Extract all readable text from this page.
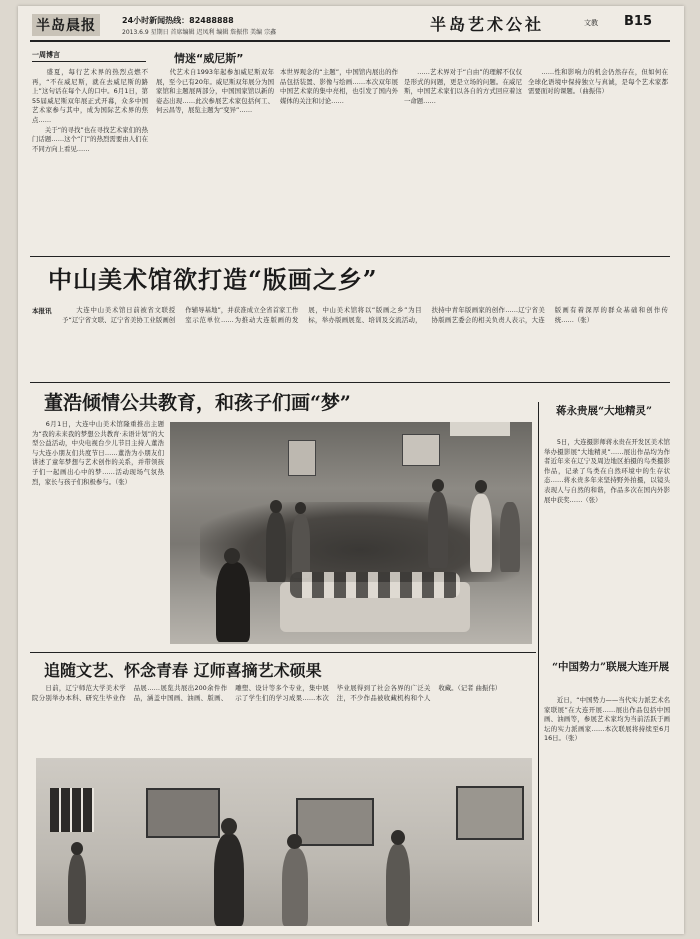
半岛晨报	24小时新闻热线：82488888
2013.6.9 星期日 首席编辑 迟凤利 编辑 詹振伟 美编 宗鑫	半岛艺术公社	文教 B15
一周博言	情迷“威尼斯”
　　盛夏，每行艺术界的热烈点燃不再，“不在威尼斯，就在去威尼斯的路上”这句话在每个人的口中。6月1日，第55届威尼斯双年展正式开幕，众多中国艺术家参与其中，成为国际艺术界的焦点……
　　关于“的寻找”也在寻找艺术家们的热门话题……这个“门”的热烈需要由人们在不同方向上看见……
　　代艺术自1993年起参加威尼斯双年展，至今已有20年。威尼斯双年展分为国家馆和主题展两部分，中国国家馆以新的姿态出现……此次参展艺术家包括何工、何云昌等，展览主题为“变异”……
本世界观念的“主题”，中国馆内展出的作品包括装置、影像与绘画……本次双年展中国艺术家的集中亮相，也引发了国内外媒体的关注和讨论……
　　……艺术界对于“自由”的理解不仅仅是形式的问题，更是立场的问题。在威尼斯，中国艺术家们以各自的方式回应着这一命题……
　　……性和影响力的机会仍然存在，但如何在全球化语境中保持独立与真诚，是每个艺术家都需要面对的课题。（曲振伟）
中山美术馆欲打造“版画之乡”
本报讯 　　大连中山美术馆日前被省文联授予“辽宁省文联、辽宁省美协工业版画创作辅导基地”，并获准成立全省首家工作室示范单位……为推动大连版画的发展，中山美术馆将以“版画之乡”为目标，举办版画展览、培训及交流活动，扶持中青年版画家的创作……辽宁省美协版画艺委会的相关负责人表示，大连版画有着深厚的群众基础和创作传统……（张）
董浩倾情公共教育，和孩子们画“梦”
　　6月1日，大连中山美术馆隆重推出主题为“我的未来我的梦想公共教育·未语计划”的大型公益活动，中央电视台少儿节目主持人董浩与大连小朋友们共度节日……董浩为小朋友们讲述了童年梦想与艺术创作的关系，并带领孩子们一起画出心中的梦……活动现场气氛热烈，家长与孩子们积极参与。（张）
蒋永贵展“大地精灵”
　　5日，大连摄影师蒋永贵在开发区美术馆举办摄影展“大地精灵”……展出作品均为作者近年来在辽宁及周边地区拍摄的鸟类摄影作品，记录了鸟类在自然环境中的生存状态……蒋永贵多年来坚持野外拍摄，以镜头表现人与自然的和谐，作品多次在国内外影展中获奖……（张）
追随文艺、怀念青春 辽师喜摘艺术硕果
　　日前，辽宁师范大学美术学院分别举办本科、研究生毕业作品展……展览共展出200余件作品，涵盖中国画、油画、版画、雕塑、设计等多个专业，集中展示了学生们的学习成果……本次毕业展得到了社会各界的广泛关注，不少作品被收藏机构和个人收藏。（记者 曲振伟）
“中国势力”联展大连开展
　　近日，“中国势力——当代实力派艺术名家联展”在大连开展……展出作品包括中国画、油画等，参展艺术家均为当前活跃于画坛的实力派画家……本次联展将持续至6月16日。（张）
